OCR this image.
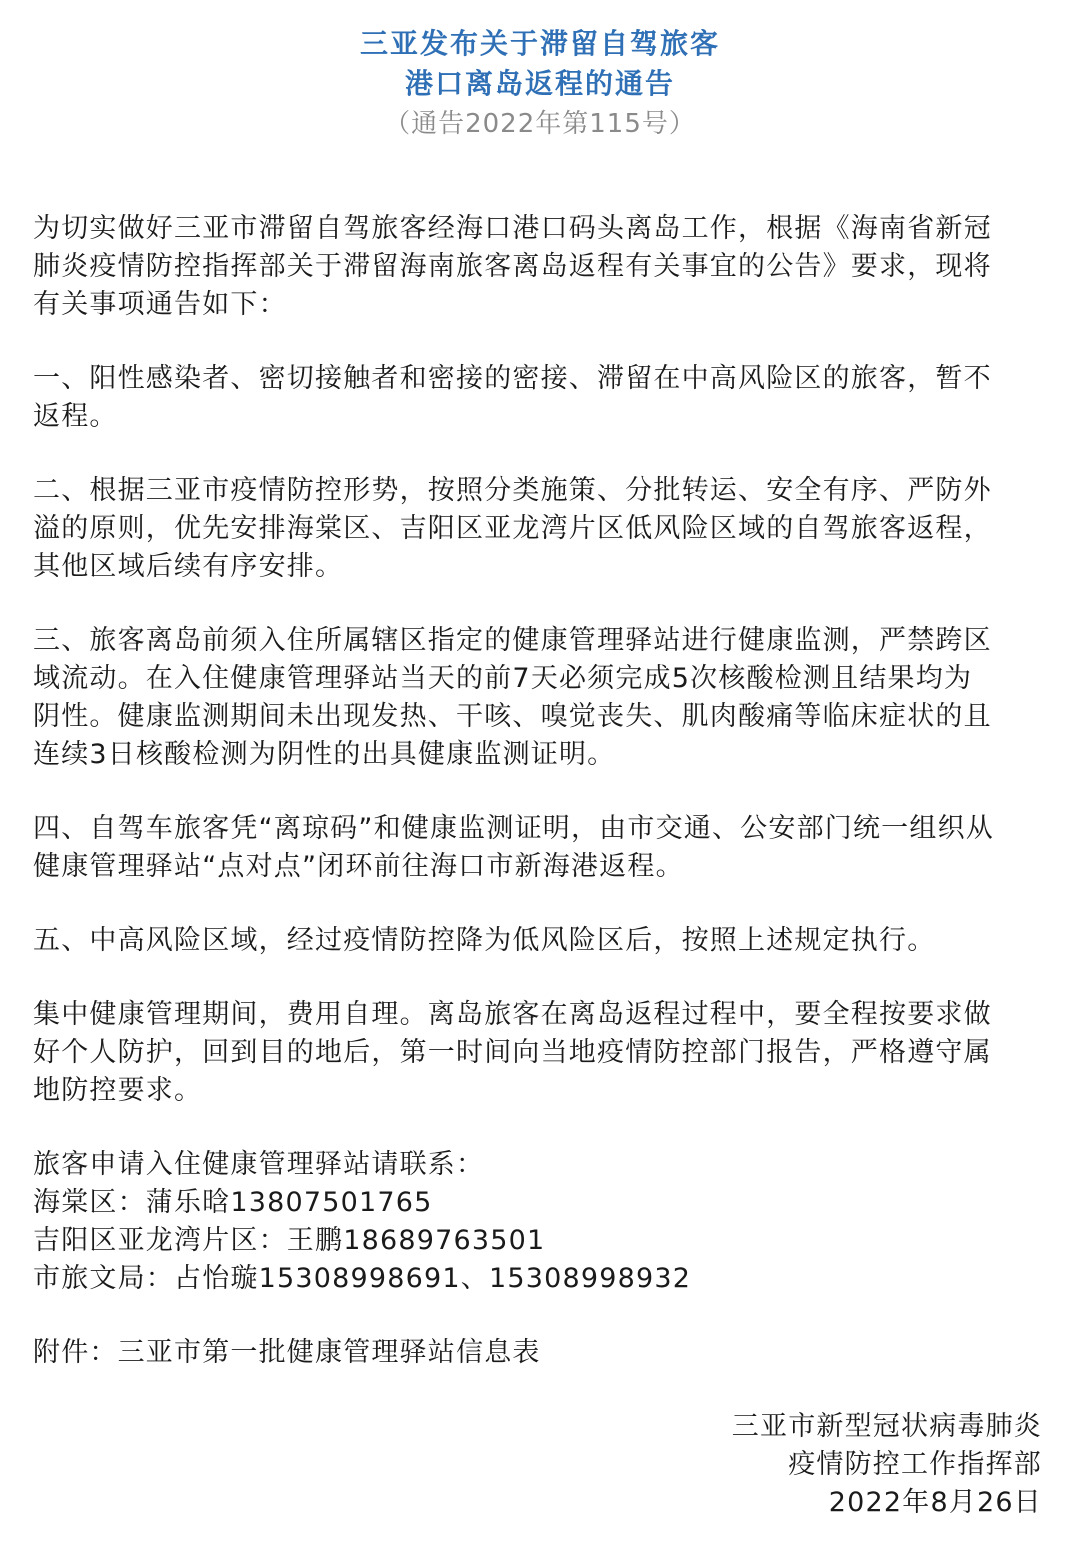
三亚发布关于滞留自驾旅客
港口离岛返程的通告
（通告2022年第115号）
为切实做好三亚市滞留自驾旅客经海口港口码头离岛工作，根据《海南省新冠
肺炎疫情防控指挥部关于滞留海南旅客离岛返程有关事宜的公告》要求，现将
有关事项通告如下：
一、阳性感染者、密切接触者和密接的密接、滞留在中高风险区的旅客，暂不
返程。
二、根据三亚市疫情防控形势，按照分类施策、分批转运、安全有序、严防外
溢的原则，优先安排海棠区、吉阳区亚龙湾片区低风险区域的自驾旅客返程，
其他区域后续有序安排。
三、旅客离岛前须入住所属辖区指定的健康管理驿站进行健康监测，严禁跨区
域流动。在入住健康管理驿站当天的前7天必须完成5次核酸检测且结果均为
阴性。健康监测期间未出现发热、干咳、嗅觉丧失、肌肉酸痛等临床症状的且
连续3日核酸检测为阴性的出具健康监测证明。
四、自驾车旅客凭“离琼码”和健康监测证明，由市交通、公安部门统一组织从
健康管理驿站“点对点”闭环前往海口市新海港返程。
五、中高风险区域，经过疫情防控降为低风险区后，按照上述规定执行。
集中健康管理期间，费用自理。离岛旅客在离岛返程过程中，要全程按要求做
好个人防护，回到目的地后，第一时间向当地疫情防控部门报告，严格遵守属
地防控要求。
旅客申请入住健康管理驿站请联系：
海棠区：蒲乐晗13807501765
吉阳区亚龙湾片区：王鹏18689763501
市旅文局：占怡璇15308998691、15308998932
附件：三亚市第一批健康管理驿站信息表
三亚市新型冠状病毒肺炎
疫情防控工作指挥部
2022年8月26日
